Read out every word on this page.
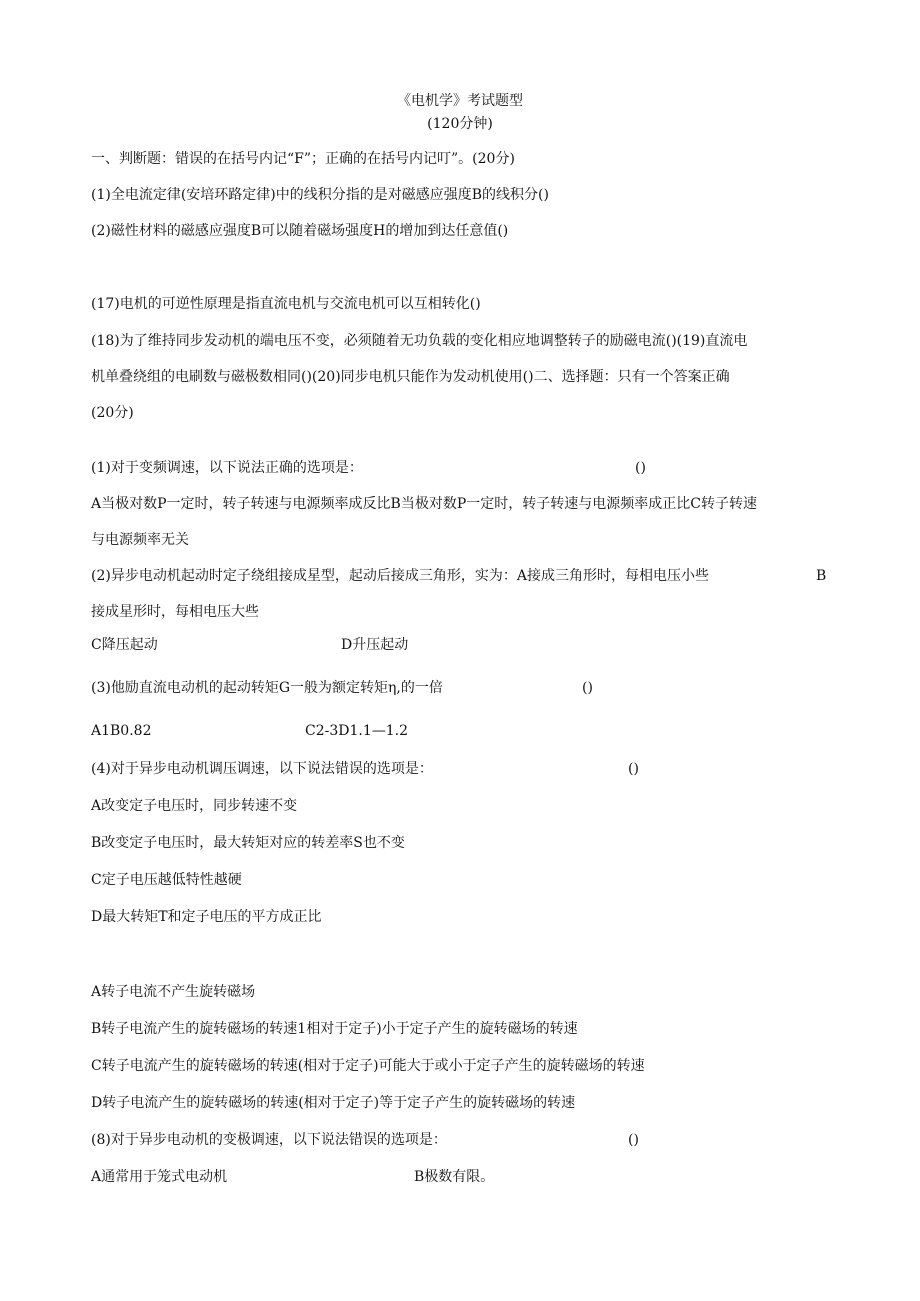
《电机学》考试题型
(120分钟)
一、判断题：错误的在括号内记“F”；正确的在括号内记叮”。(20分)
(1)全电流定律(安培环路定律)中的线积分指的是对磁感应强度B的线积分()
(2)磁性材料的磁感应强度B可以随着磁场强度H的增加到达任意值()
(17)电机的可逆性原理是指直流电机与交流电机可以互相转化()
(18)为了维持同步发动机的端电压不变，必须随着无功负载的变化相应地调整转子的励磁电流()(19)直流电
机单叠绕组的电刷数与磁极数相同()(20)同步电机只能作为发动机使用()二、选择题：只有一个答案正确
(20分)
(1)对于变频调速，以下说法正确的选项是：	()
A当极对数P一定时，转子转速与电源频率成反比B当极对数P一定时，转子转速与电源频率成正比C转子转速
与电源频率无关
(2)异步电动机起动时定子绕组接成星型，起动后接成三角形，实为：A接成三角形时，每相电压小些	B
接成星形时，每相电压大些
C降压起动	D升压起动
(3)他励直流电动机的起动转矩G一般为额定转矩η,的一倍	()
A1B0.82	C2-3D1.1—1.2
(4)对于异步电动机调压调速，以下说法错误的选项是：	()
A改变定子电压时，同步转速不变
B改变定子电压时，最大转矩对应的转差率S也不变
C定子电压越低特性越硬
D最大转矩T和定子电压的平方成正比
A转子电流不产生旋转磁场
B转子电流产生的旋转磁场的转速1相对于定子)小于定子产生的旋转磁场的转速
C转子电流产生的旋转磁场的转速(相对于定子)可能大于或小于定子产生的旋转磁场的转速
D转子电流产生的旋转磁场的转速(相对于定子)等于定子产生的旋转磁场的转速
(8)对于异步电动机的变极调速，以下说法错误的选项是：	()
A通常用于笼式电动机	B极数有限。
